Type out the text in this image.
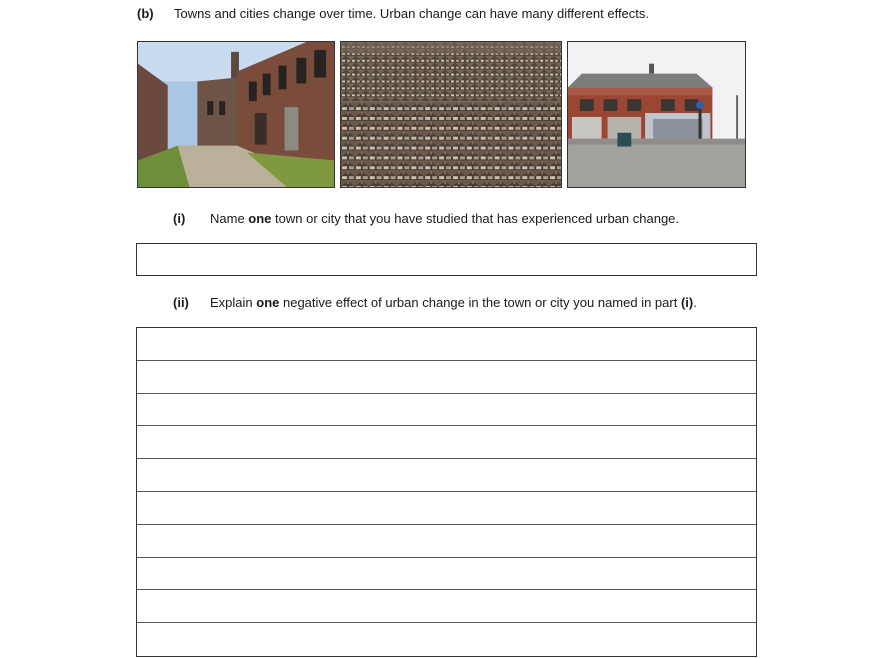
(b) Towns and cities change over time. Urban change can have many different effects.
(i) Name one town or city that you have studied that has experienced urban change.
(ii) Explain one negative effect of urban change in the town or city you named in part (i).
